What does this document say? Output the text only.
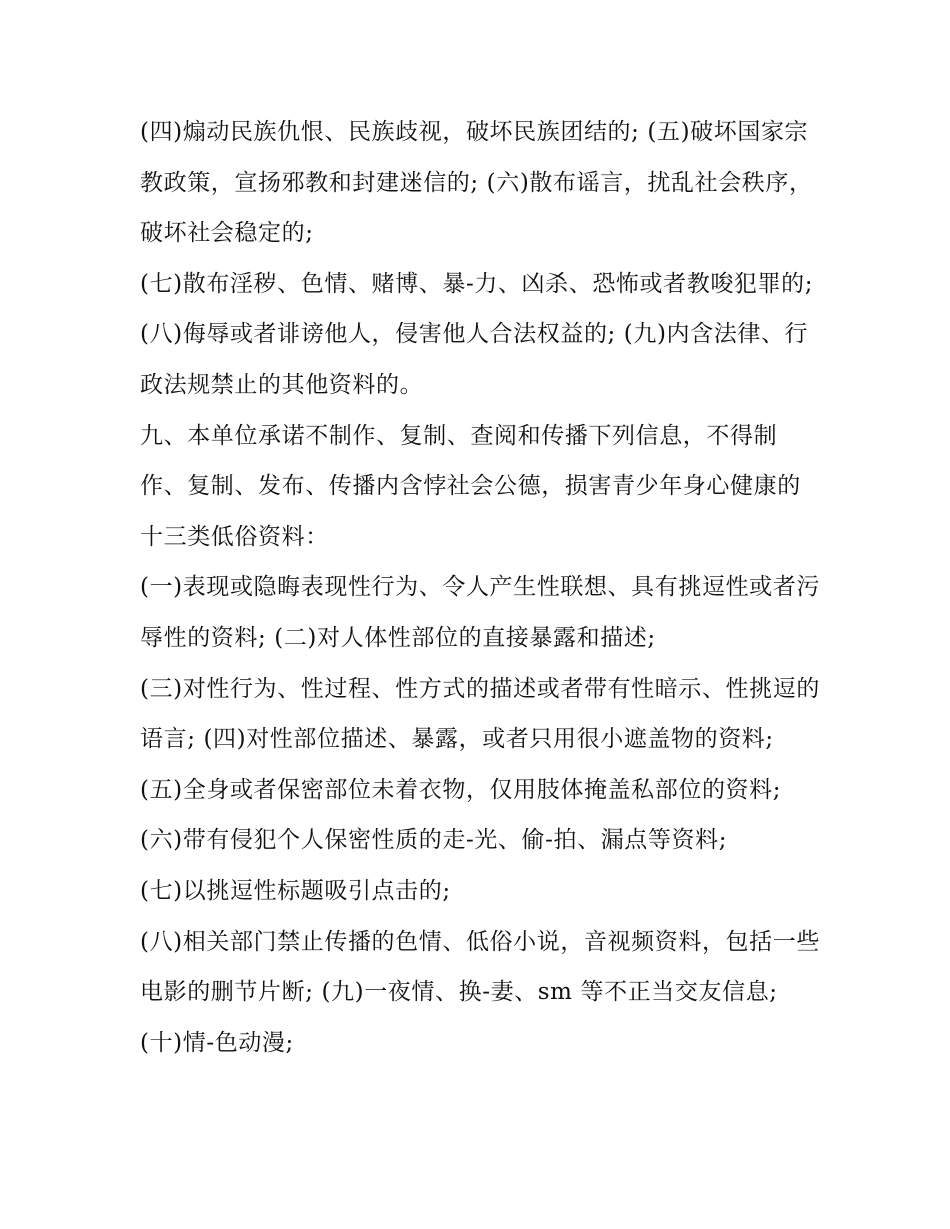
(四)煽动民族仇恨、民族歧视，破坏民族团结的; (五)破坏国家宗教政策，宣扬邪教和封建迷信的; (六)散布谣言，扰乱社会秩序，破坏社会稳定的;

(七)散布淫秽、色情、赌博、暴-力、凶杀、恐怖或者教唆犯罪的; (八)侮辱或者诽谤他人，侵害他人合法权益的; (九)内含法律、行政法规禁止的其他资料的。

九、本单位承诺不制作、复制、查阅和传播下列信息，不得制作、复制、发布、传播内含悖社会公德，损害青少年身心健康的十三类低俗资料：

(一)表现或隐晦表现性行为、令人产生性联想、具有挑逗性或者污辱性的资料; (二)对人体性部位的直接暴露和描述;

(三)对性行为、性过程、性方式的描述或者带有性暗示、性挑逗的语言; (四)对性部位描述、暴露，或者只用很小遮盖物的资料;

(五)全身或者保密部位未着衣物，仅用肢体掩盖私部位的资料; (六)带有侵犯个人保密性质的走-光、偷-拍、漏点等资料;

(七)以挑逗性标题吸引点击的;

(八)相关部门禁止传播的色情、低俗小说，音视频资料，包括一些电影的删节片断; (九)一夜情、换-妻、sm 等不正当交友信息; (十)情-色动漫;
